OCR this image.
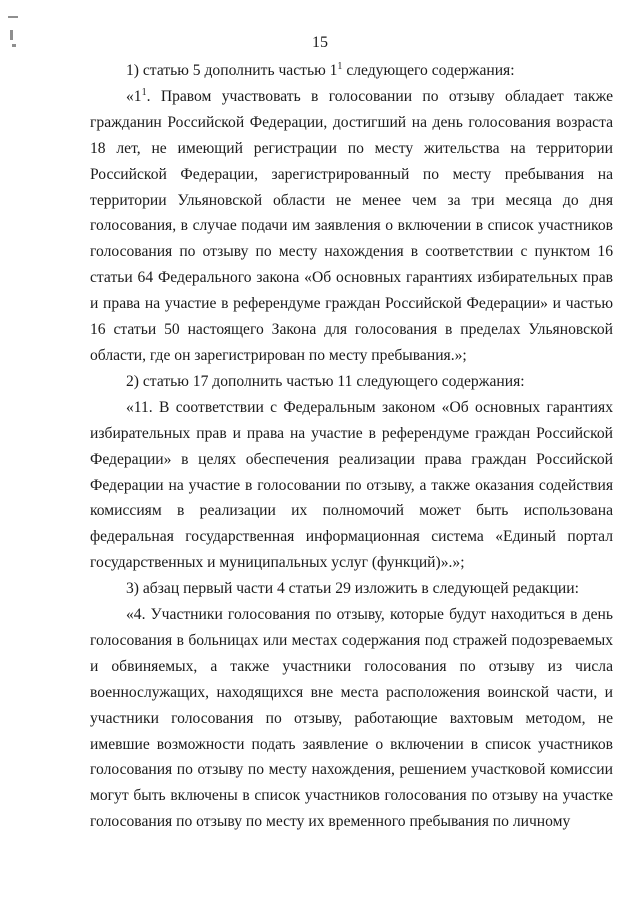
15

1) статью 5 дополнить частью $1^1$ следующего содержания:

«$1^1$. Правом участвовать в голосовании по отзыву обладает также гражданин Российской Федерации, достигший на день голосования возраста 18 лет, не имеющий регистрации по месту жительства на территории Российской Федерации, зарегистрированный по месту пребывания на территории Ульяновской области не менее чем за три месяца до дня голосования, в случае подачи им заявления о включении в список участников голосования по отзыву по месту нахождения в соответствии с пунктом 16 статьи 64 Федерального закона «Об основных гарантиях избирательных прав и права на участие в референдуме граждан Российской Федерации» и частью 16 статьи 50 настоящего Закона для голосования в пределах Ульяновской области, где он зарегистрирован по месту пребывания.»;

2) статью 17 дополнить частью 11 следующего содержания:

«11. В соответствии с Федеральным законом «Об основных гарантиях избирательных прав и права на участие в референдуме граждан Российской Федерации» в целях обеспечения реализации права граждан Российской Федерации на участие в голосовании по отзыву, а также оказания содействия комиссиям в реализации их полномочий может быть использована федеральная государственная информационная система «Единый портал государственных и муниципальных услуг (функций)».»;

3) абзац первый части 4 статьи 29 изложить в следующей редакции:

«4. Участники голосования по отзыву, которые будут находиться в день голосования в больницах или местах содержания под стражей подозреваемых и обвиняемых, а также участники голосования по отзыву из числа военнослужащих, находящихся вне места расположения воинской части, и участники голосования по отзыву, работающие вахтовым методом, не имевшие возможности подать заявление о включении в список участников голосования по отзыву по месту нахождения, решением участковой комиссии могут быть включены в список участников голосования по отзыву на участке голосования по отзыву по месту их временного пребывания по личному
